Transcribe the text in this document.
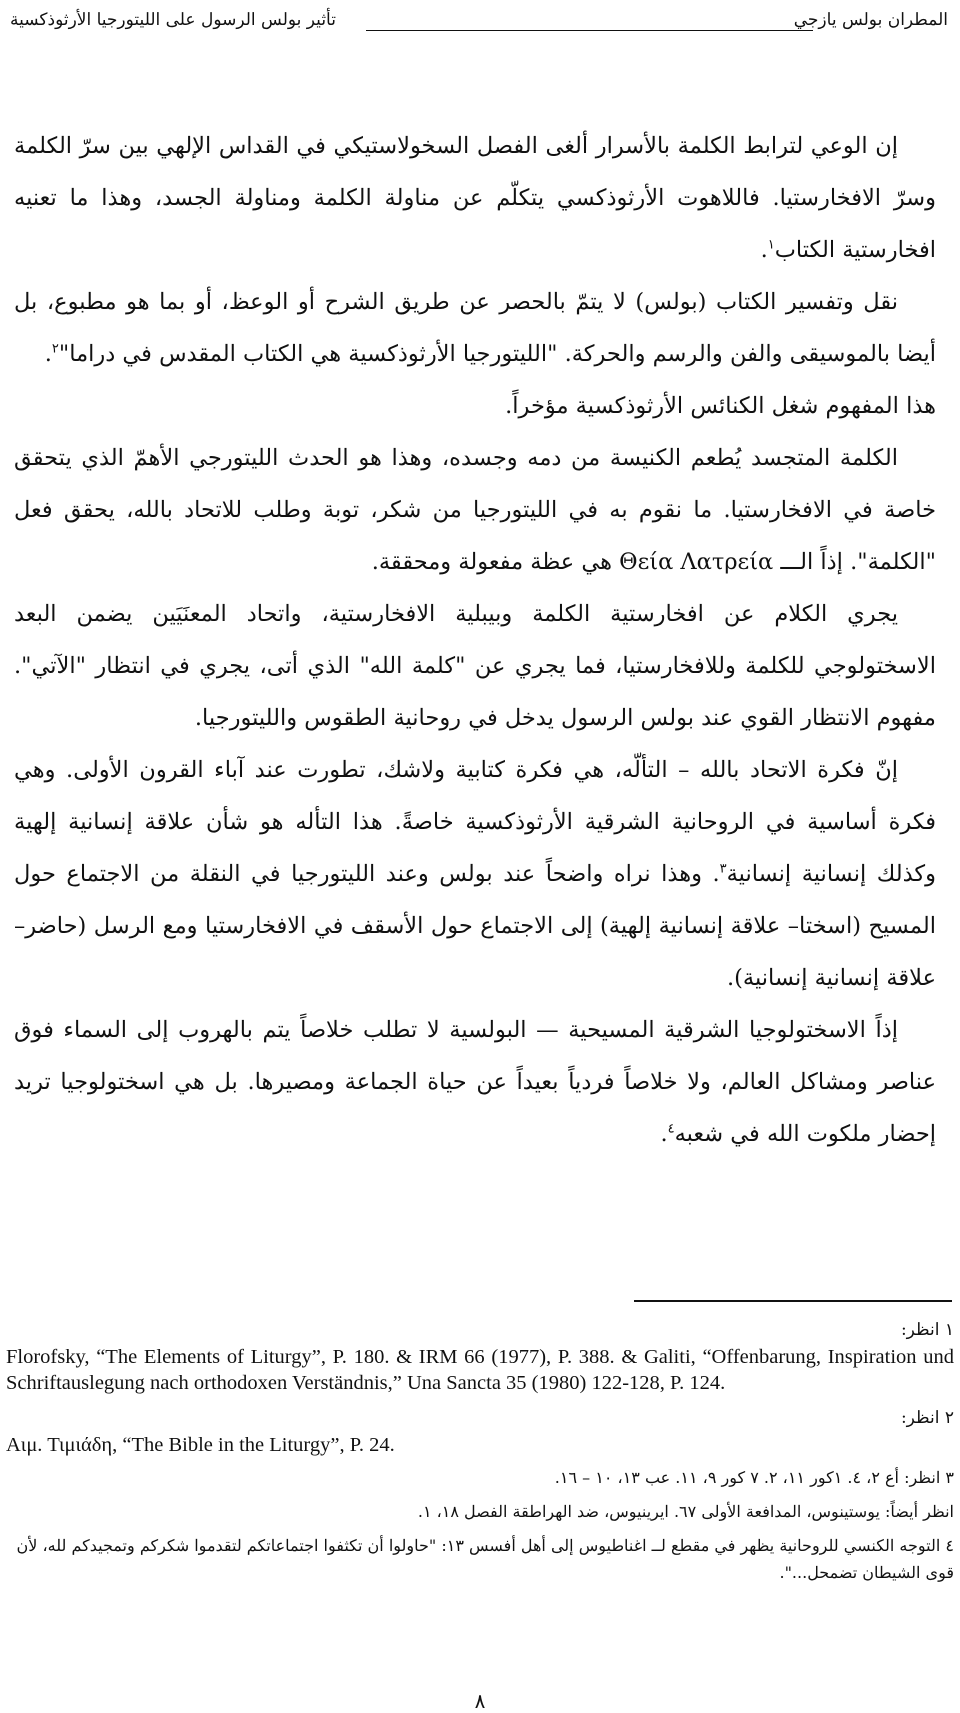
المطران بولس يازجي
تأثير بولس الرسول على الليتورجيا الأرثوذكسية

إن الوعي لترابط الكلمة بالأسرار ألغى الفصل السخولاستيكي في القداس الإلهي بين سرّ الكلمة وسرّ الافخارستيا. فاللاهوت الأرثوذكسي يتكلّم عن مناولة الكلمة ومناولة الجسد، وهذا ما تعنيه افخارستية الكتاب$^١$.

نقل وتفسير الكتاب (بولس) لا يتمّ بالحصر عن طريق الشرح أو الوعظ، أو بما هو مطبوع، بل أيضا بالموسيقى والفن والرسم والحركة. "الليتورجيا الأرثوذكسية هي الكتاب المقدس في دراما"$^٢$.

هذا المفهوم شغل الكنائس الأرثوذكسية مؤخراً.

الكلمة المتجسد يُطعم الكنيسة من دمه وجسده، وهذا هو الحدث الليتورجي الأهمّ الذي يتحقق خاصة في الافخارستيا. ما نقوم به في الليتورجيا من شكر، توبة وطلب للاتحاد بالله، يحقق فعل "الكلمة". إذاً الـــ Θεία Λατρεία هي عظة مفعولة ومحققة.

يجري الكلام عن افخارستية الكلمة وبيبلية الافخارستية، واتحاد المعنَيَين يضمن البعد الاسختولوجي للكلمة وللافخارستيا، فما يجري عن "كلمة الله" الذي أتى، يجري في انتظار "الآتي". مفهوم الانتظار القوي عند بولس الرسول يدخل في روحانية الطقوس والليتورجيا.

إنّ فكرة الاتحاد بالله – التألّه، هي فكرة كتابية ولاشك، تطورت عند آباء القرون الأولى. وهي فكرة أساسية في الروحانية الشرقية الأرثوذكسية خاصةً. هذا التأله هو شأن علاقة إنسانية إلهية وكذلك إنسانية إنسانية$^٣$. وهذا نراه واضحاً عند بولس وعند الليتورجيا في النقلة من الاجتماع حول المسيح (اسختا– علاقة إنسانية إلهية) إلى الاجتماع حول الأسقف في الافخارستيا ومع الرسل (حاضر– علاقة إنسانية إنسانية).

إذاً الاسختولوجيا الشرقية المسيحية — البولسية لا تطلب خلاصاً يتم بالهروب إلى السماء فوق عناصر ومشاكل العالم، ولا خلاصاً فردياً بعيداً عن حياة الجماعة ومصيرها. بل هي اسختولوجيا تريد إحضار ملكوت الله في شعبه$^٤$.

١ انظر:

Florofsky, “The Elements of Liturgy”, P. 180. & IRM 66 (1977), P. 388. & Galiti, “Offenbarung, Inspiration und Schriftauslegung nach orthodoxen Verständnis,” Una Sancta 35 (1980) 122-128, P. 124.

٢ انظر:

Αιμ. Τιμιάδη, “The Bible in the Liturgy”, P. 24.

٣ انظر: أع ٢، ٤. ١كور ١١، ٢. ٧ كور ٩، ١١. عب ١٣، ١٠ – ١٦.

انظر أيضاً: يوستينوس، المدافعة الأولى ٦٧. ايرينيوس، ضد الهراطقة الفصل ١٨، ١.

٤ التوجه الكنسي للروحانية يظهر في مقطع لــ اغناطيوس إلى أهل أفسس ١٣: "حاولوا أن تكثفوا اجتماعاتكم لتقدموا شكركم وتمجيدكم لله، لأن قوى الشيطان تضمحل...".

٨
